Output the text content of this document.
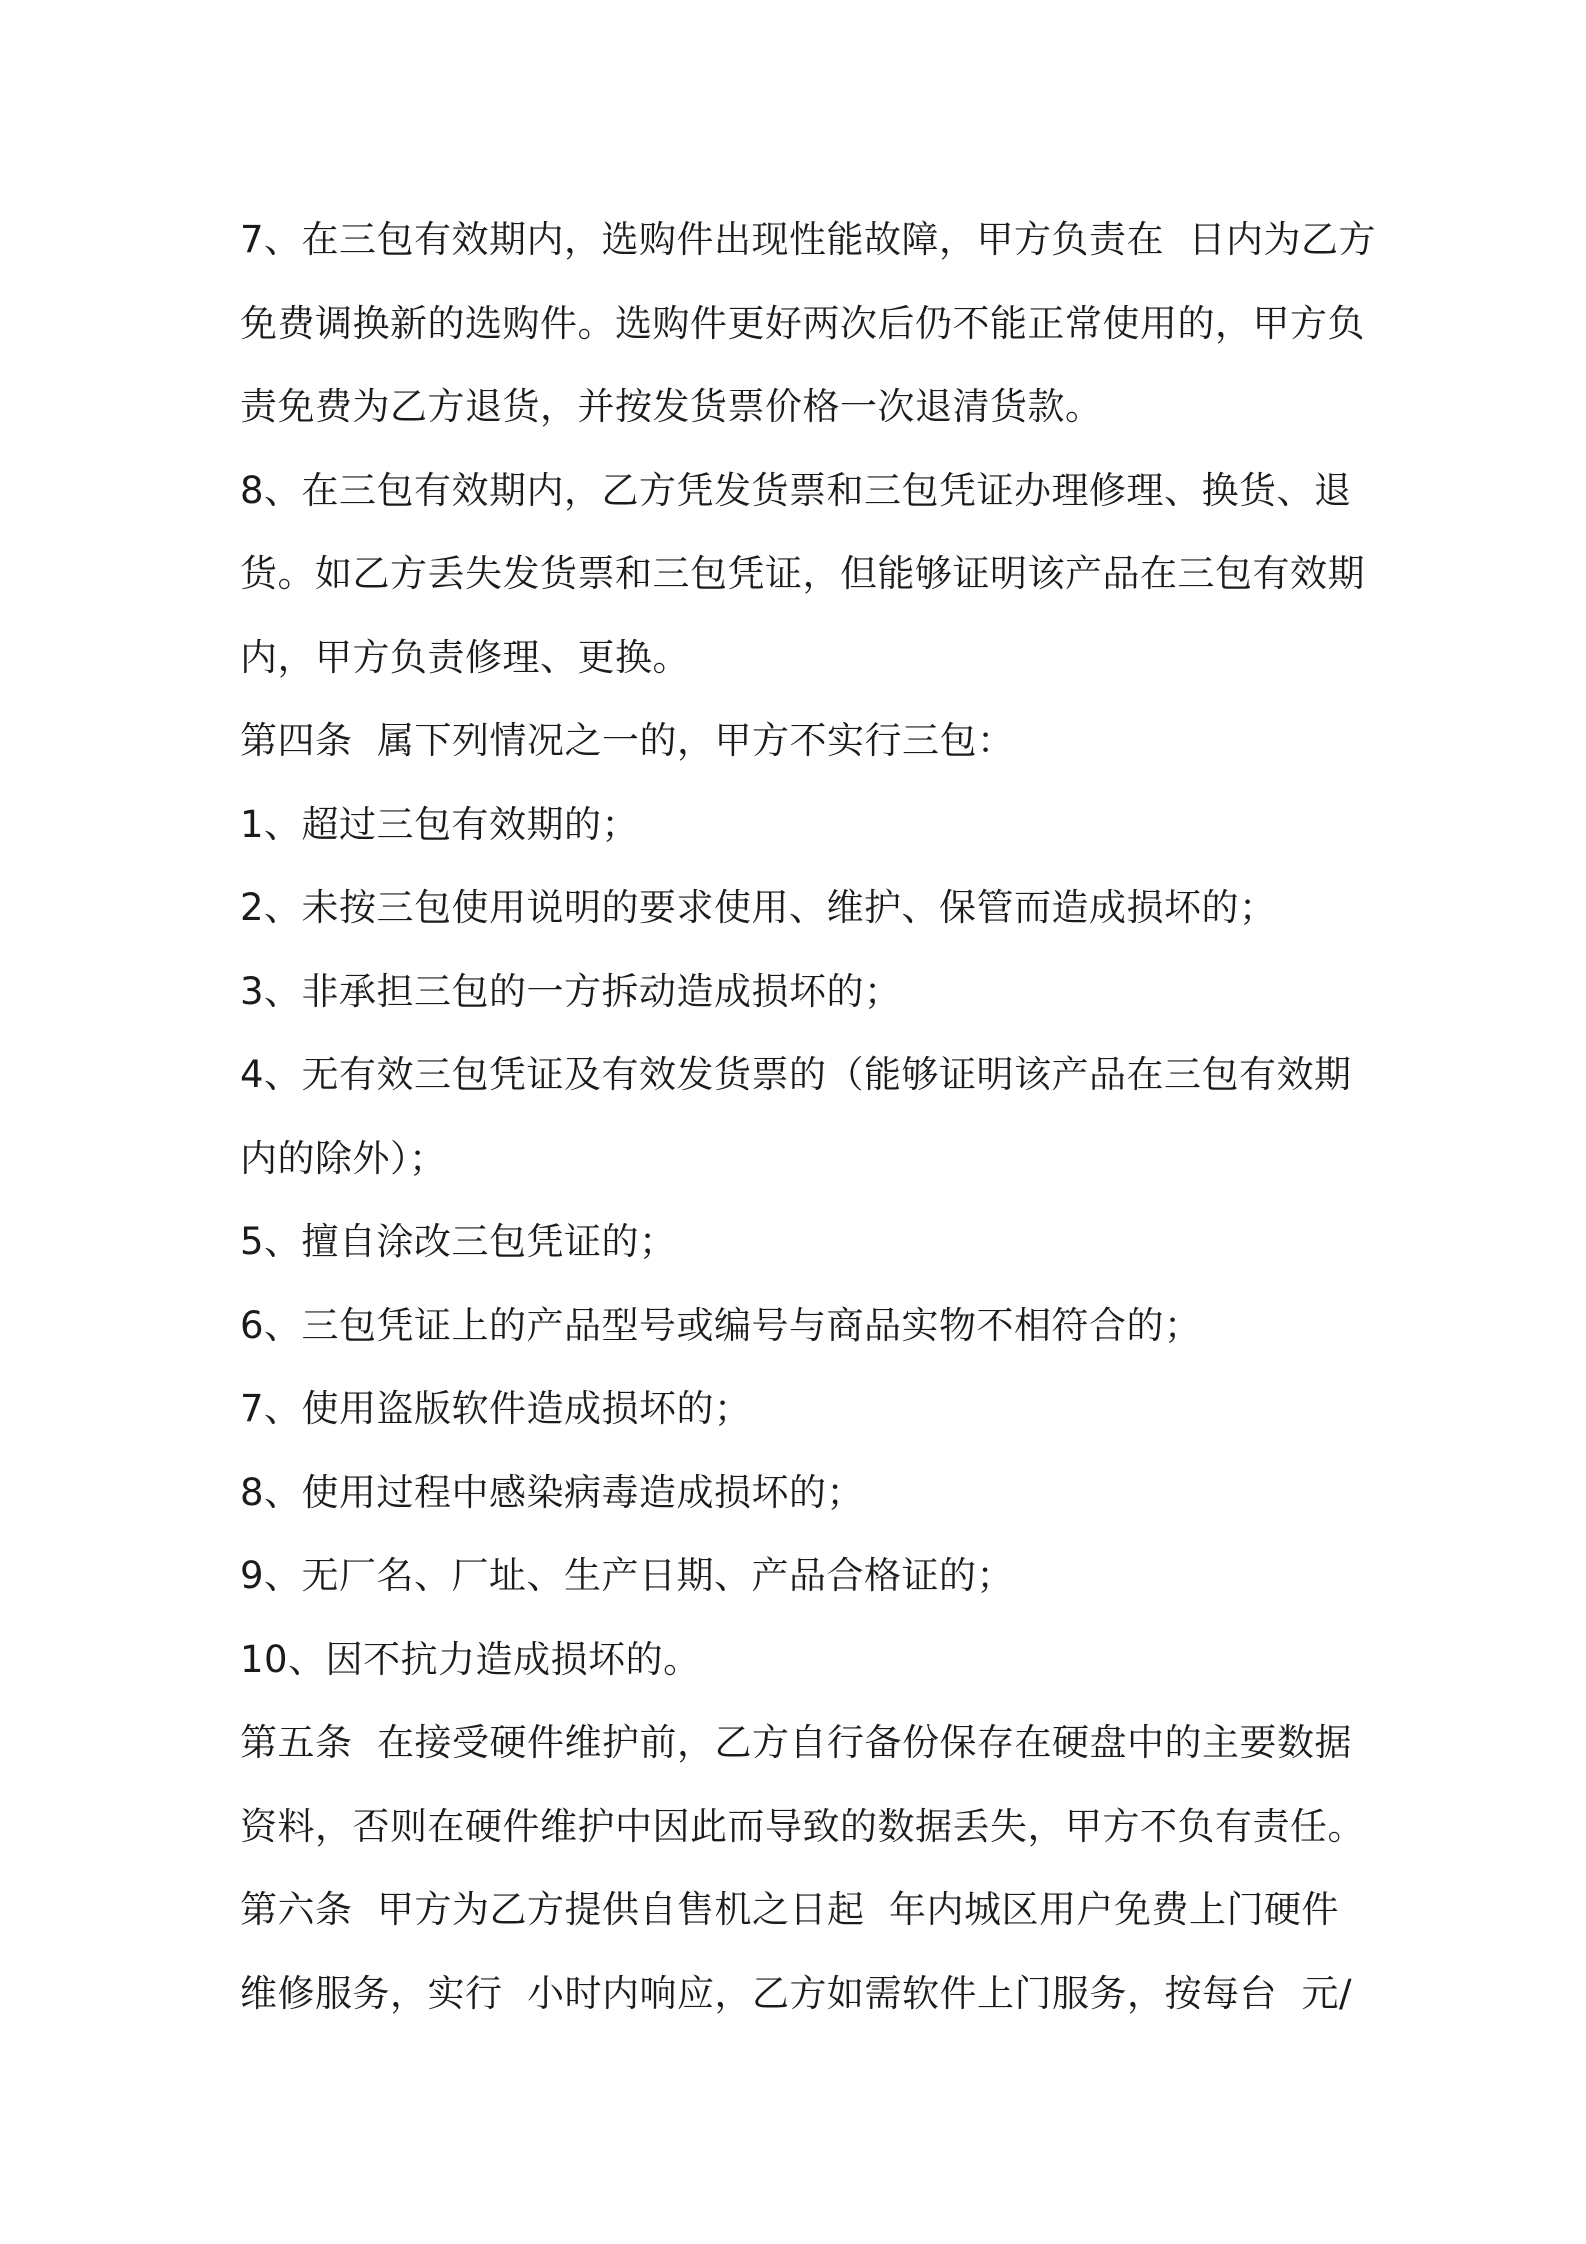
7、在三包有效期内，选购件出现性能故障，甲方负责在  日内为乙方
免费调换新的选购件。选购件更好两次后仍不能正常使用的，甲方负
责免费为乙方退货，并按发货票价格一次退清货款。

8、在三包有效期内，乙方凭发货票和三包凭证办理修理、换货、退
货。如乙方丢失发货票和三包凭证，但能够证明该产品在三包有效期
内，甲方负责修理、更换。

第四条  属下列情况之一的，甲方不实行三包：

1、超过三包有效期的；

2、未按三包使用说明的要求使用、维护、保管而造成损坏的；

3、非承担三包的一方拆动造成损坏的；

4、无有效三包凭证及有效发货票的（能够证明该产品在三包有效期
内的除外）；

5、擅自涂改三包凭证的；

6、三包凭证上的产品型号或编号与商品实物不相符合的；

7、使用盗版软件造成损坏的；

8、使用过程中感染病毒造成损坏的；

9、无厂名、厂址、生产日期、产品合格证的；

10、因不抗力造成损坏的。

第五条  在接受硬件维护前，乙方自行备份保存在硬盘中的主要数据
资料，否则在硬件维护中因此而导致的数据丢失，甲方不负有责任。

第六条  甲方为乙方提供自售机之日起  年内城区用户免费上门硬件
维修服务，实行  小时内响应，乙方如需软件上门服务，按每台  元/
